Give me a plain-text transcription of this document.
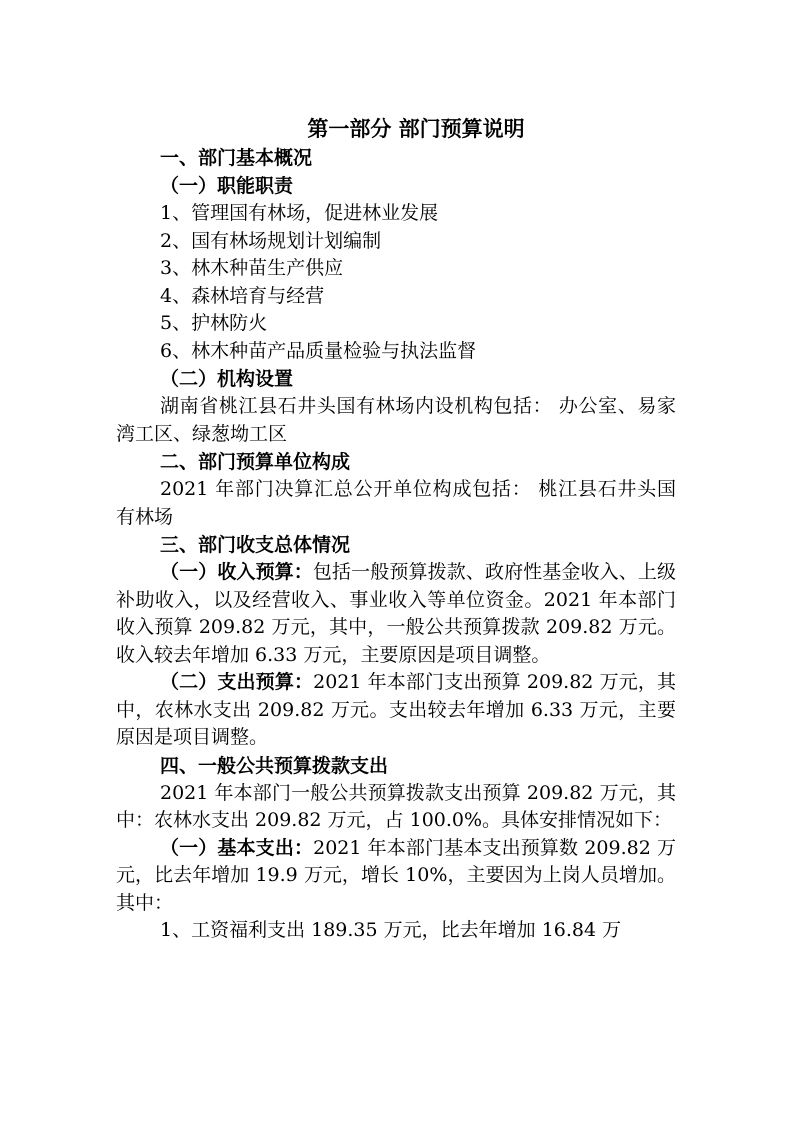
第一部分 部门预算说明

一、部门基本概况

（一）职能职责

1、管理国有林场，促进林业发展

2、国有林场规划计划编制

3、林木种苗生产供应

4、森林培育与经营

5、护林防火

6、林木种苗产品质量检验与执法监督

（二）机构设置

湖南省桃江县石井头国有林场内设机构包括： 办公室、易家湾工区、绿葱坳工区

二、部门预算单位构成

2021 年部门决算汇总公开单位构成包括： 桃江县石井头国有林场

三、部门收支总体情况

（一）收入预算：包括一般预算拨款、政府性基金收入、上级补助收入，以及经营收入、事业收入等单位资金。2021 年本部门收入预算 209.82 万元，其中，一般公共预算拨款 209.82 万元。收入较去年增加 6.33 万元，主要原因是项目调整。

（二）支出预算：2021 年本部门支出预算 209.82 万元，其中，农林水支出 209.82 万元。支出较去年增加 6.33 万元，主要原因是项目调整。

四、一般公共预算拨款支出

2021 年本部门一般公共预算拨款支出预算 209.82 万元，其中：农林水支出 209.82 万元，占 100.0%。具体安排情况如下：

（一）基本支出：2021 年本部门基本支出预算数 209.82 万元，比去年增加 19.9 万元，增长 10%，主要因为上岗人员增加。其中：

1、工资福利支出 189.35 万元，比去年增加 16.84 万
